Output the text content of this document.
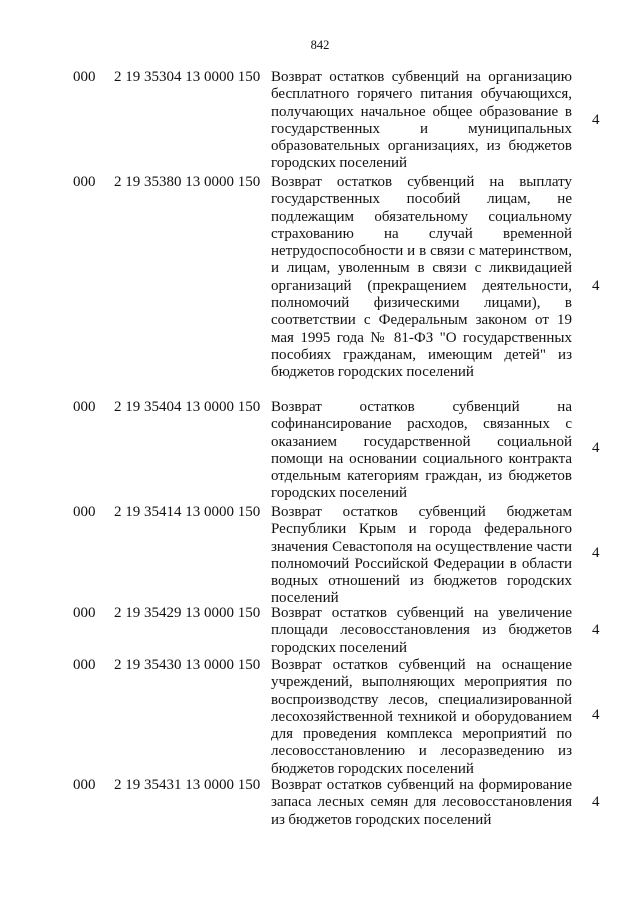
842
000 2 19 35304 13 0000 150 Возврат остатков субвенций на организацию бесплатного горячего питания обучающихся, получающих начальное общее образование в государственных и муниципальных образовательных организациях, из бюджетов городских поселений
4
000 2 19 35380 13 0000 150 Возврат остатков субвенций на выплату государственных пособий лицам, не подлежащим обязательному социальному страхованию на случай временной нетрудоспособности и в связи с материнством, и лицам, уволенным в связи с ликвидацией организаций (прекращением деятельности, полномочий физическими лицами), в соответствии с Федеральным законом от 19 мая 1995 года № 81-ФЗ "О государственных пособиях гражданам, имеющим детей" из бюджетов городских поселений
4
000 2 19 35404 13 0000 150 Возврат остатков субвенций на софинансирование расходов, связанных с оказанием государственной социальной помощи на основании социального контракта отдельным категориям граждан, из бюджетов городских поселений
4
000 2 19 35414 13 0000 150 Возврат остатков субвенций бюджетам Республики Крым и города федерального значения Севастополя на осуществление части полномочий Российской Федерации в области водных отношений из бюджетов городских поселений
4
000 2 19 35429 13 0000 150 Возврат остатков субвенций на увеличение площади лесовосстановления из бюджетов городских поселений
4
000 2 19 35430 13 0000 150 Возврат остатков субвенций на оснащение учреждений, выполняющих мероприятия по воспроизводству лесов, специализированной лесохозяйственной техникой и оборудованием для проведения комплекса мероприятий по лесовосстановлению и лесоразведению из бюджетов городских поселений
4
000 2 19 35431 13 0000 150 Возврат остатков субвенций на формирование запаса лесных семян для лесовосстановления из бюджетов городских поселений
4
